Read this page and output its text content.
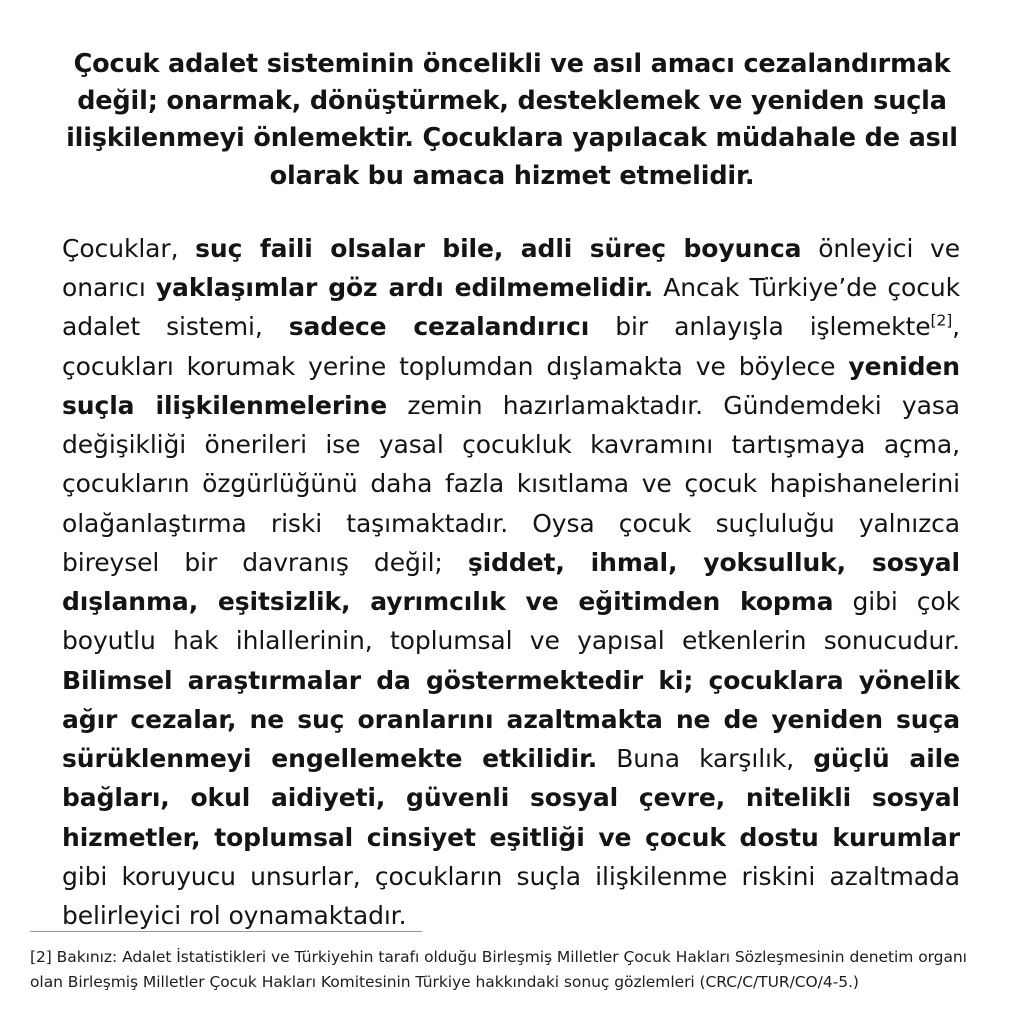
Çocuk adalet sisteminin öncelikli ve asıl amacı cezalandırmak değil; onarmak, dönüştürmek, desteklemek ve yeniden suçla ilişkilenmeyi önlemektir. Çocuklara yapılacak müdahale de asıl olarak bu amaca hizmet etmelidir.

Çocuklar, suç faili olsalar bile, adli süreç boyunca önleyici ve onarıcı yaklaşımlar göz ardı edilmemelidir. Ancak Türkiye’de çocuk adalet sistemi, sadece cezalandırıcı bir anlayışla işlemekte[2], çocukları korumak yerine toplumdan dışlamakta ve böylece yeniden suçla ilişkilenmelerine zemin hazırlamaktadır. Gündemdeki yasa değişikliği önerileri ise yasal çocukluk kavramını tartışmaya açma, çocukların özgürlüğünü daha fazla kısıtlama ve çocuk hapishanelerini olağanlaştırma riski taşımaktadır. Oysa çocuk suçluluğu yalnızca bireysel bir davranış değil; şiddet, ihmal, yoksulluk, sosyal dışlanma, eşitsizlik, ayrımcılık ve eğitimden kopma gibi çok boyutlu hak ihlallerinin, toplumsal ve yapısal etkenlerin sonucudur. Bilimsel araştırmalar da göstermektedir ki; çocuklara yönelik ağır cezalar, ne suç oranlarını azaltmakta ne de yeniden suça sürüklenmeyi engellemekte etkilidir. Buna karşılık, güçlü aile bağları, okul aidiyeti, güvenli sosyal çevre, nitelikli sosyal hizmetler, toplumsal cinsiyet eşitliği ve çocuk dostu kurumlar gibi koruyucu unsurlar, çocukların suçla ilişkilenme riskini azaltmada belirleyici rol oynamaktadır.

[2] Bakınız: Adalet İstatistikleri ve Türkiyehin tarafı olduğu Birleşmiş Milletler Çocuk Hakları Sözleşmesinin denetim organı olan Birleşmiş Milletler Çocuk Hakları Komitesinin Türkiye hakkındaki sonuç gözlemleri (CRC/C/TUR/CO/4-5.)
